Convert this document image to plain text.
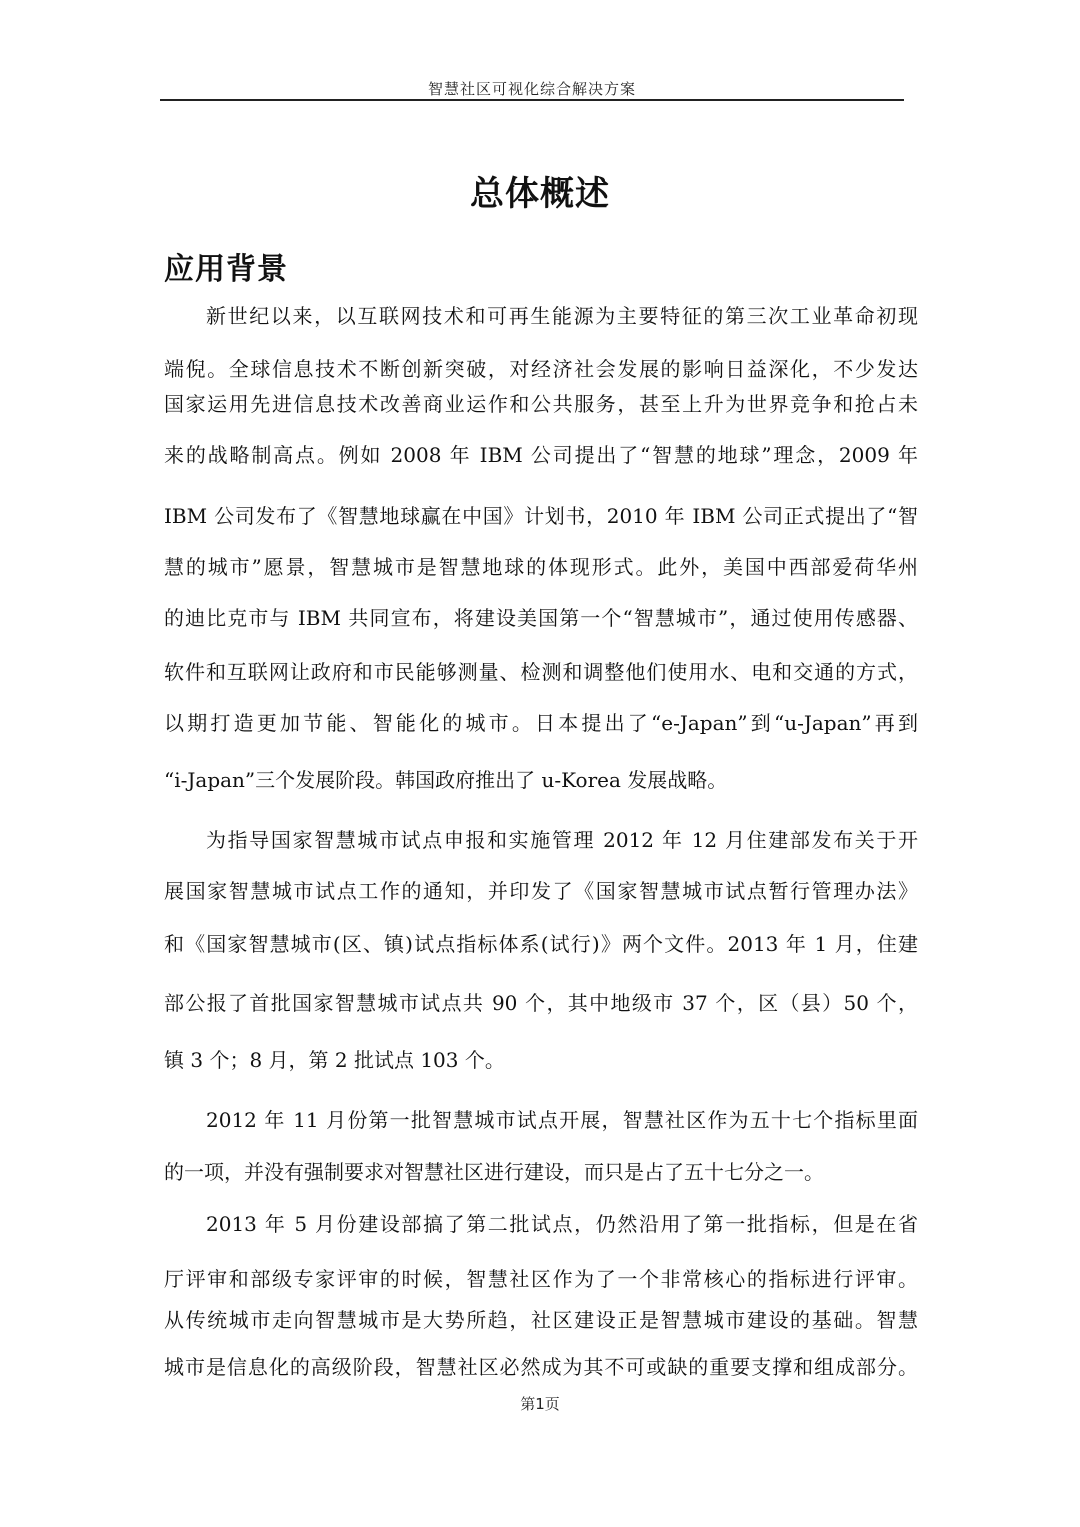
智慧社区可视化综合解决方案
总体概述
应用背景
新世纪以来，以互联网技术和可再生能源为主要特征的第三次工业革命初现
端倪。全球信息技术不断创新突破，对经济社会发展的影响日益深化，不少发达
国家运用先进信息技术改善商业运作和公共服务，甚至上升为世界竞争和抢占未
来的战略制高点。例如 2008 年 IBM 公司提出了“智慧的地球”理念，2009 年
IBM 公司发布了《智慧地球赢在中国》计划书，2010 年 IBM 公司正式提出了“智
慧的城市”愿景，智慧城市是智慧地球的体现形式。此外，美国中西部爱荷华州
的迪比克市与 IBM 共同宣布，将建设美国第一个“智慧城市”，通过使用传感器、
软件和互联网让政府和市民能够测量、检测和调整他们使用水、电和交通的方式，
以期打造更加节能、智能化的城市。日本提出了“e-Japan”到“u-Japan”再到
“i-Japan”三个发展阶段。韩国政府推出了 u-Korea 发展战略。
为指导国家智慧城市试点申报和实施管理 2012 年 12 月住建部发布关于开
展国家智慧城市试点工作的通知，并印发了《国家智慧城市试点暂行管理办法》
和《国家智慧城市(区、镇)试点指标体系(试行)》两个文件。2013 年 1 月，住建
部公报了首批国家智慧城市试点共 90 个，其中地级市 37 个，区（县）50 个，
镇 3 个；8 月，第 2 批试点 103 个。
2012 年 11 月份第一批智慧城市试点开展，智慧社区作为五十七个指标里面
的一项，并没有强制要求对智慧社区进行建设，而只是占了五十七分之一。
2013 年 5 月份建设部搞了第二批试点，仍然沿用了第一批指标，但是在省
厅评审和部级专家评审的时候，智慧社区作为了一个非常核心的指标进行评审。
从传统城市走向智慧城市是大势所趋，社区建设正是智慧城市建设的基础。智慧
城市是信息化的高级阶段，智慧社区必然成为其不可或缺的重要支撑和组成部分。
第1页
